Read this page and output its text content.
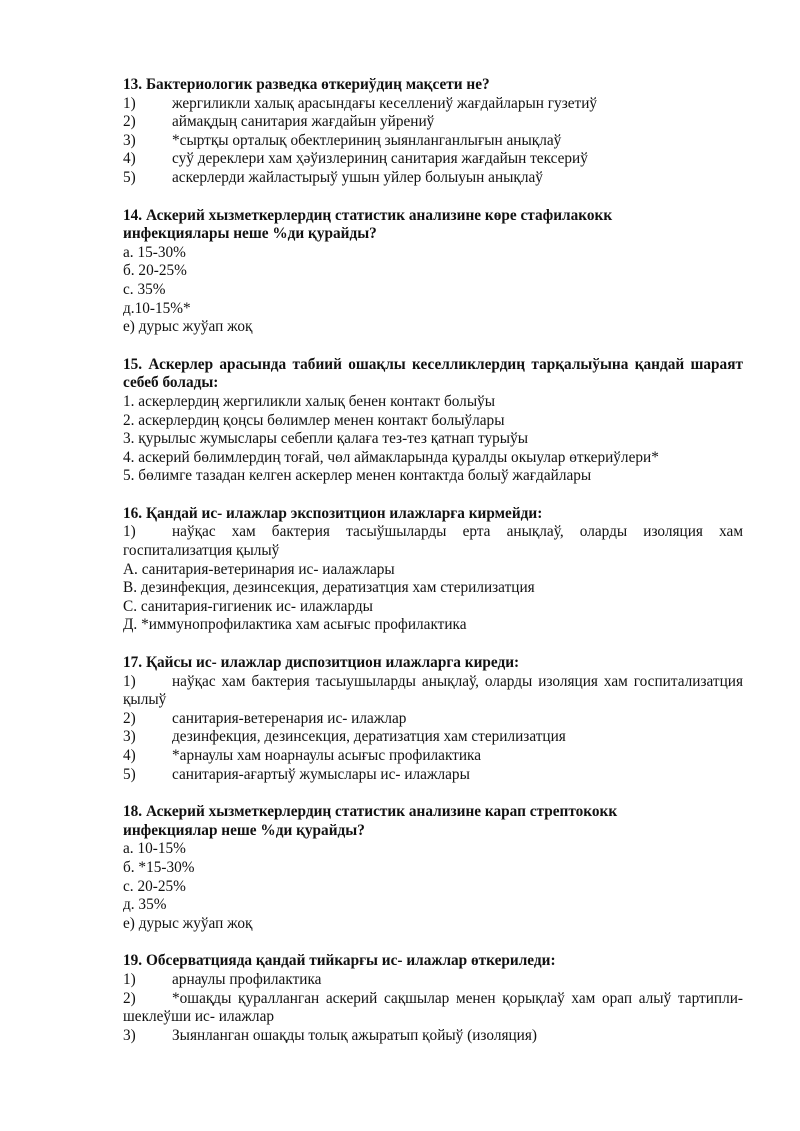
13. Бактериологик разведка өткериўдиң мақсети не?
1) жергиликли халық арасындағы кеселлениў жағдайларын гузетиў
2) аймақдың санитария жағдайын уйрениў
3) *сыртқы орталық обектлериниң зыянланганлығын анықлаў
4) суў дереклери хам ҳәўизлериниң санитария жағдайын тексериў
5) аскерлерди жайластырыў ушын уйлер болыуын анықлаў
14. Аскерий хызметкерлердиң статистик анализине көре стафилакокк
инфекциялары неше %ди қурайды?
а. 15-30%
б. 20-25%
с. 35%
д.10-15%*
е) дурыс жуўап жоқ
15. Аскерлер арасында табиий ошақлы кеселликлердиң тарқалыўына қандай шараят себеб болады:
1. аскерлердиң жергиликли халық бенен контакт болыўы
2. аскерлердиң қоңсы бөлимлер менен контакт болыўлары
3. қурылыс жумыслары себепли қалаға тез-тез қатнап турыўы
4. аскерий бөлимлердиң тоғай, чөл аймакларында қуралды окыулар өткериўлери*
5. бөлимге тазадан келген аскерлер менен контактда болыў жағдайлары
16. Қандай ис- илажлар экспозитцион илажларға кирмейди:
1) наўқас хам бактерия тасыўшыларды ерта анықлаў, оларды изоляция хам госпитализатция қылыў
А. санитария-ветеринария ис- иалажлары
В. дезинфекция, дезинсекция, дератизатция хам стерилизатция
С. санитария-гигиеник ис- илажларды
Д. *иммунопрофилактика хам асығыс профилактика
17. Қайсы ис- илажлар диспозитцион илажларга киреди:
1) наўқас хам бактерия тасыушыларды анықлаў, оларды изоляция хам госпитализатция қылыў
2) санитария-ветеренария ис- илажлар
3) дезинфекция, дезинсекция, дератизатция хам стерилизатция
4) *арнаулы хам ноарнаулы асығыс профилактика
5) санитария-ағартыў жумыслары ис- илажлары
18. Аскерий хызметкерлердиң статистик анализине карап стрептококк
инфекциялар неше %ди қурайды?
а. 10-15%
б. *15-30%
с. 20-25%
д. 35%
е) дурыс жуўап жоқ
19. Обсерватцияда қандай тийкарғы ис- илажлар өткериледи:
1) арнаулы профилактика
2) *ошақды қуралланган аскерий сақшылар менен қорықлаў хам орап алыў тартипли-шеклеўши ис- илажлар
3) Зыянланган ошақды толық ажыратып қойыў (изоляция)
